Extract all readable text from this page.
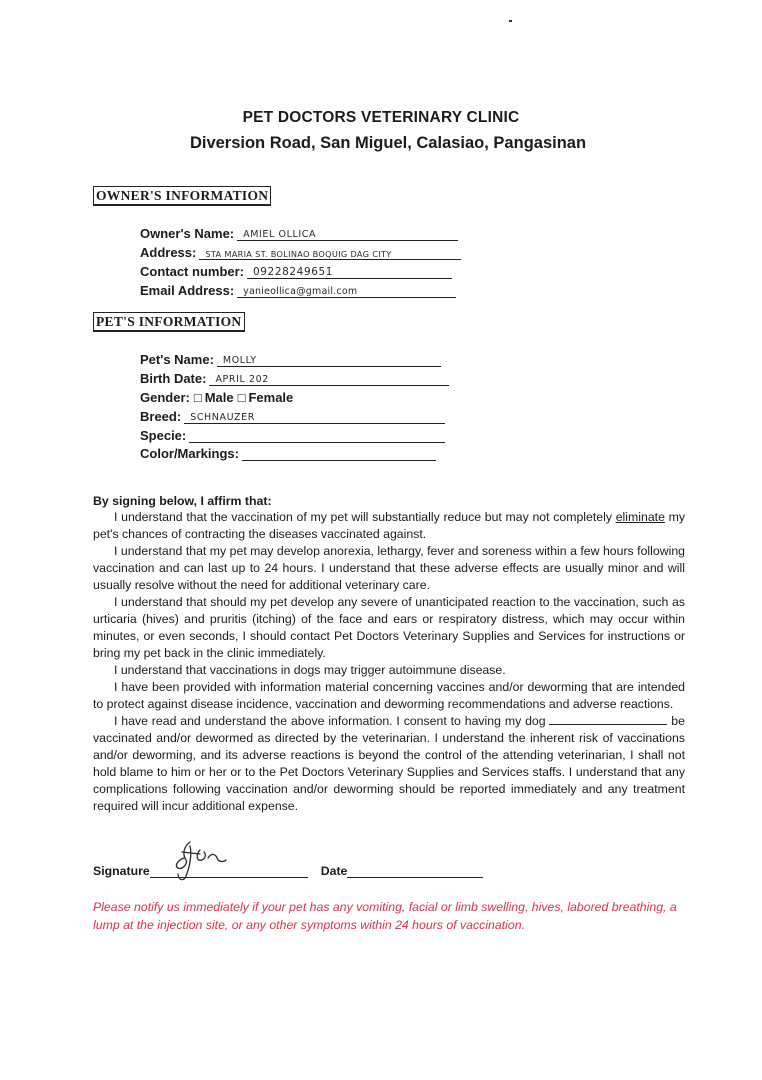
PET DOCTORS VETERINARY CLINIC
Diversion Road, San Miguel, Calasiao, Pangasinan
OWNER'S INFORMATION
Owner's Name: AMIEL OLLICA
Address: STA MARIA ST. BOLINAO BOQUIG DAG CITY
Contact number: 09228249651
Email Address: yanieollica@gmail.com
PET'S INFORMATION
Pet's Name: MOLLY
Birth Date: APRIL 202
Gender: □ Male □ Female
Breed: SCHNAUZER
Specie:
Color/Markings:
By signing below, I affirm that:

I understand that the vaccination of my pet will substantially reduce but may not completely eliminate my pet's chances of contracting the diseases vaccinated against.

I understand that my pet may develop anorexia, lethargy, fever and soreness within a few hours following vaccination and can last up to 24 hours. I understand that these adverse effects are usually minor and will usually resolve without the need for additional veterinary care.

I understand that should my pet develop any severe of unanticipated reaction to the vaccination, such as urticaria (hives) and pruritis (itching) of the face and ears or respiratory distress, which may occur within minutes, or even seconds, I should contact Pet Doctors Veterinary Supplies and Services for instructions or bring my pet back in the clinic immediately.

I understand that vaccinations in dogs may trigger autoimmune disease.

I have been provided with information material concerning vaccines and/or deworming that are intended to protect against disease incidence, vaccination and deworming recommendations and adverse reactions.

I have read and understand the above information. I consent to having my dog	be vaccinated and/or dewormed as directed by the veterinarian. I understand the inherent risk of vaccinations and/or deworming, and its adverse reactions is beyond the control of the attending veterinarian, I shall not hold blame to him or her or to the Pet Doctors Veterinary Supplies and Services staffs. I understand that any complications following vaccination and/or deworming should be reported immediately and any treatment required will incur additional expense.

Signature	Date
Please notify us immediately if your pet has any vomiting, facial or limb swelling, hives, labored breathing, a lump at the injection site, or any other symptoms within 24 hours of vaccination.
